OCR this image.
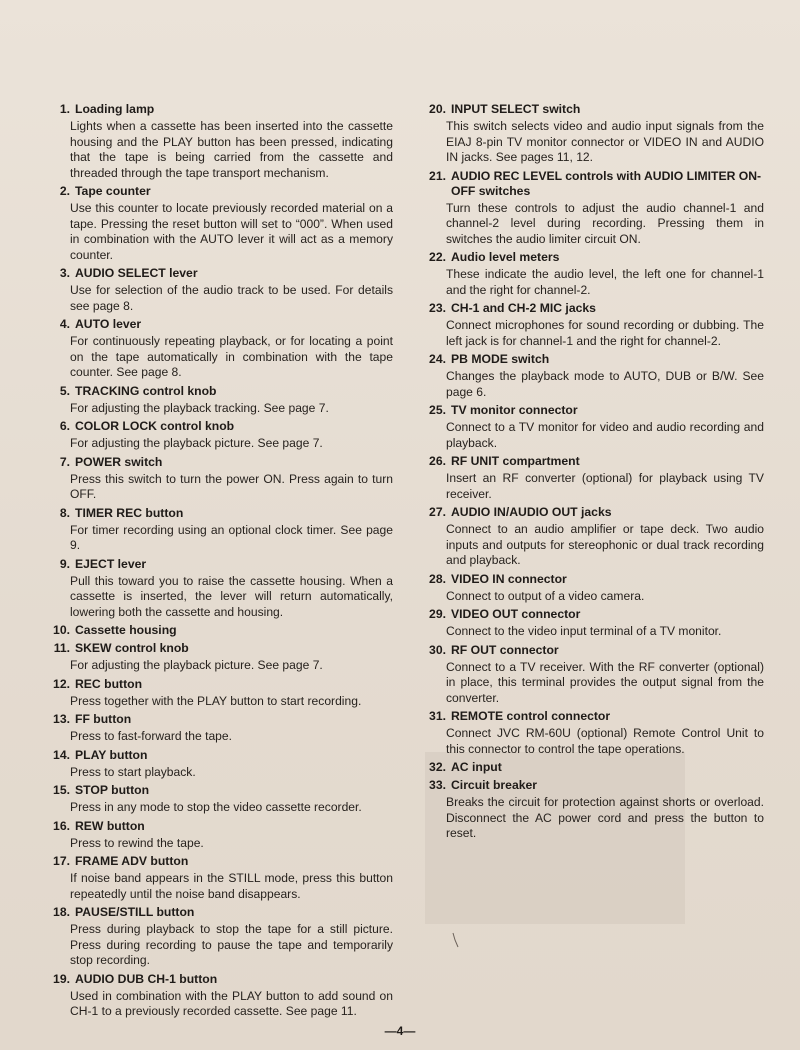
1. Loading lamp
Lights when a cassette has been inserted into the cassette housing and the PLAY button has been pressed, indicating that the tape is being carried from the cassette and threaded through the tape transport mechanism.
2. Tape counter
Use this counter to locate previously recorded material on a tape. Pressing the reset button will set to “000”. When used in combination with the AUTO lever it will act as a memory counter.
3. AUDIO SELECT lever
Use for selection of the audio track to be used. For details see page 8.
4. AUTO lever
For continuously repeating playback, or for locating a point on the tape automatically in combination with the tape counter. See page 8.
5. TRACKING control knob
For adjusting the playback tracking. See page 7.
6. COLOR LOCK control knob
For adjusting the playback picture. See page 7.
7. POWER switch
Press this switch to turn the power ON. Press again to turn OFF.
8. TIMER REC button
For timer recording using an optional clock timer. See page 9.
9. EJECT lever
Pull this toward you to raise the cassette housing. When a cassette is inserted, the lever will return automatically, lowering both the cassette and housing.
10. Cassette housing
11. SKEW control knob
For adjusting the playback picture. See page 7.
12. REC button
Press together with the PLAY button to start recording.
13. FF button
Press to fast-forward the tape.
14. PLAY button
Press to start playback.
15. STOP button
Press in any mode to stop the video cassette recorder.
16. REW button
Press to rewind the tape.
17. FRAME ADV button
If noise band appears in the STILL mode, press this button repeatedly until the noise band disappears.
18. PAUSE/STILL button
Press during playback to stop the tape for a still picture. Press during recording to pause the tape and temporarily stop recording.
19. AUDIO DUB CH-1 button
Used in combination with the PLAY button to add sound on CH-1 to a previously recorded cassette. See page 11.
20. INPUT SELECT switch
This switch selects video and audio input signals from the EIAJ 8-pin TV monitor connector or VIDEO IN and AUDIO IN jacks. See pages 11, 12.
21. AUDIO REC LEVEL controls with AUDIO LIMITER ON-OFF switches
Turn these controls to adjust the audio channel-1 and channel-2 level during recording. Pressing them in switches the audio limiter circuit ON.
22. Audio level meters
These indicate the audio level, the left one for channel-1 and the right for channel-2.
23. CH-1 and CH-2 MIC jacks
Connect microphones for sound recording or dubbing. The left jack is for channel-1 and the right for channel-2.
24. PB MODE switch
Changes the playback mode to AUTO, DUB or B/W. See page 6.
25. TV monitor connector
Connect to a TV monitor for video and audio recording and playback.
26. RF UNIT compartment
Insert an RF converter (optional) for playback using TV receiver.
27. AUDIO IN/AUDIO OUT jacks
Connect to an audio amplifier or tape deck. Two audio inputs and outputs for stereophonic or dual track recording and playback.
28. VIDEO IN connector
Connect to output of a video camera.
29. VIDEO OUT connector
Connect to the video input terminal of a TV monitor.
30. RF OUT connector
Connect to a TV receiver. With the RF converter (optional) in place, this terminal provides the output signal from the converter.
31. REMOTE control connector
Connect JVC RM-60U (optional) Remote Control Unit to this connector to control the tape operations.
32. AC input
33. Circuit breaker
Breaks the circuit for protection against shorts or overload. Disconnect the AC power cord and press the button to reset.
—4—
